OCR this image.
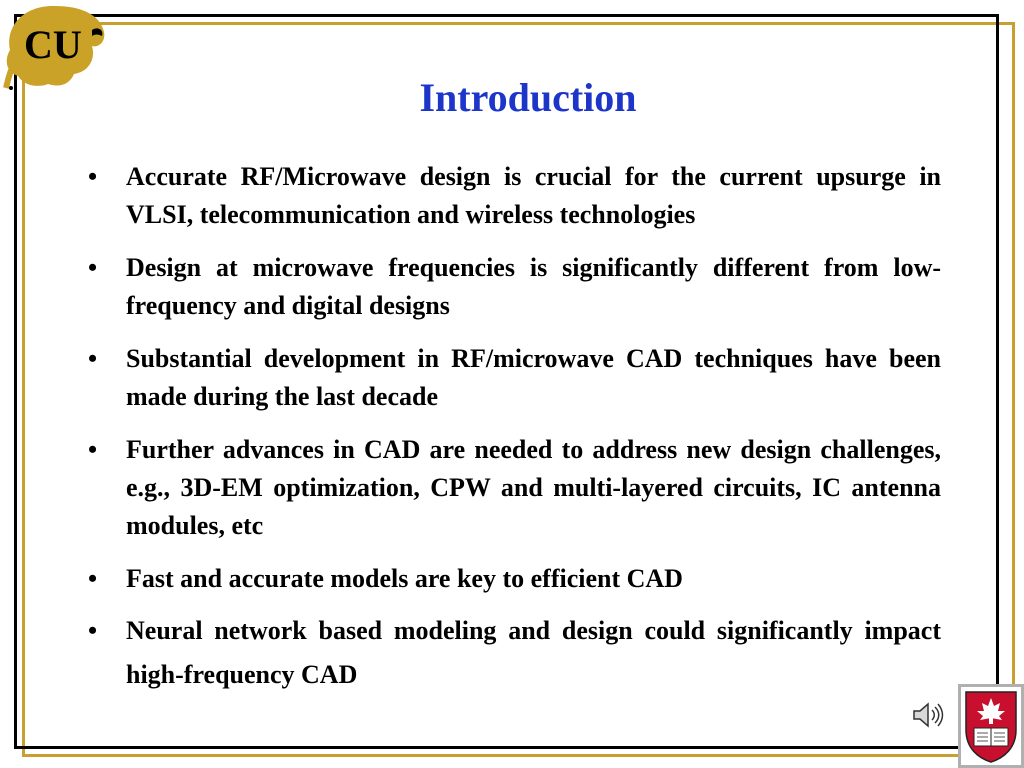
CU
Introduction
• Accurate RF/Microwave design is crucial for the current upsurge in VLSI, telecommunication and wireless technologies
• Design at microwave frequencies is significantly different from low-frequency and digital designs
• Substantial development in RF/microwave CAD techniques have been made during the last decade
• Further advances in CAD are needed to address new design challenges, e.g., 3D-EM optimization, CPW and multi-layered circuits, IC antenna modules, etc
• Fast and accurate models are key to efficient CAD
• Neural network based modeling and design could significantly impact high-frequency CAD
